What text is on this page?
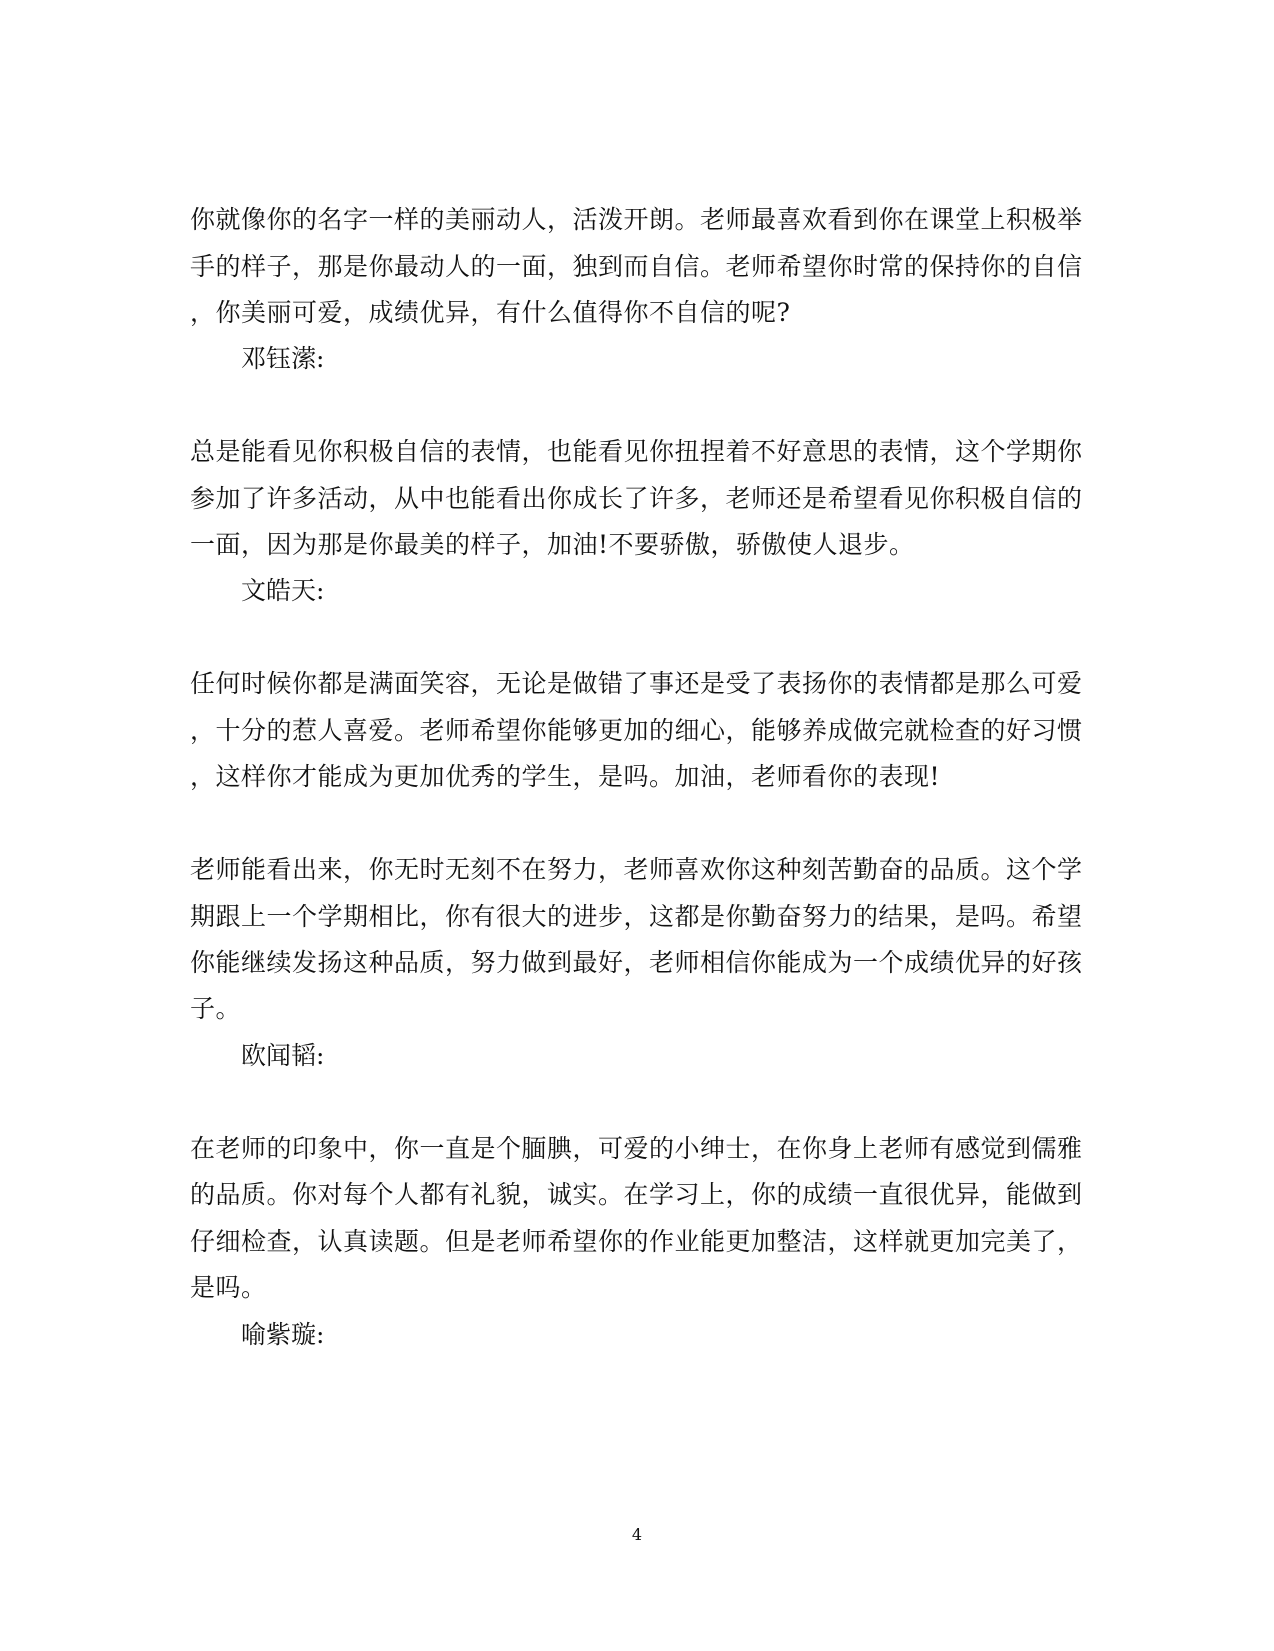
你就像你的名字一样的美丽动人，活泼开朗。老师最喜欢看到你在课堂上积极举
手的样子，那是你最动人的一面，独到而自信。老师希望你时常的保持你的自信
，你美丽可爱，成绩优异，有什么值得你不自信的呢?
邓钰潆:
总是能看见你积极自信的表情，也能看见你扭捏着不好意思的表情，这个学期你
参加了许多活动，从中也能看出你成长了许多，老师还是希望看见你积极自信的
一面，因为那是你最美的样子，加油!不要骄傲，骄傲使人退步。
文皓天:
任何时候你都是满面笑容，无论是做错了事还是受了表扬你的表情都是那么可爱
，十分的惹人喜爱。老师希望你能够更加的细心，能够养成做完就检查的好习惯
，这样你才能成为更加优秀的学生，是吗。加油，老师看你的表现!
老师能看出来，你无时无刻不在努力，老师喜欢你这种刻苦勤奋的品质。这个学
期跟上一个学期相比，你有很大的进步，这都是你勤奋努力的结果，是吗。希望
你能继续发扬这种品质，努力做到最好，老师相信你能成为一个成绩优异的好孩
子。
欧闻韬:
在老师的印象中，你一直是个腼腆，可爱的小绅士，在你身上老师有感觉到儒雅
的品质。你对每个人都有礼貌，诚实。在学习上，你的成绩一直很优异，能做到
仔细检查，认真读题。但是老师希望你的作业能更加整洁，这样就更加完美了，
是吗。
喻紫璇:
4
